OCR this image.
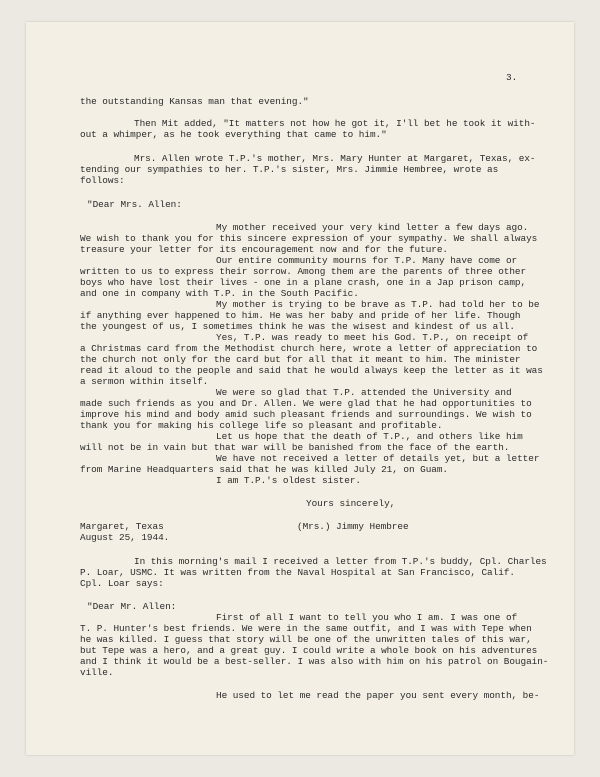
3.
the outstanding Kansas man that evening."
Then Mit added, "It matters not how he got it, I'll bet he took it with-
out a whimper, as he took everything that came to him."
Mrs. Allen wrote T.P.'s mother, Mrs. Mary Hunter at Margaret, Texas, ex-
tending our sympathies to her. T.P.'s sister, Mrs. Jimmie Hembree, wrote as
follows:
"Dear Mrs. Allen:
My mother received your very kind letter a few days ago.
We wish to thank you for this sincere expression of your sympathy. We shall always
treasure your letter for its encouragement now and for the future.
Our entire community mourns for T.P. Many have come or
written to us to express their sorrow. Among them are the parents of three other
boys who have lost their lives - one in a plane crash, one in a Jap prison camp,
and one in company with T.P. in the South Pacific.
My mother is trying to be brave as T.P. had told her to be
if anything ever happened to him. He was her baby and pride of her life. Though
the youngest of us, I sometimes think he was the wisest and kindest of us all.
Yes, T.P. was ready to meet his God. T.P., on receipt of
a Christmas card from the Methodist church here, wrote a letter of appreciation to
the church not only for the card but for all that it meant to him. The minister
read it aloud to the people and said that he would always keep the letter as it was
a sermon within itself.
We were so glad that T.P. attended the University and
made such friends as you and Dr. Allen. We were glad that he had opportunities to
improve his mind and body amid such pleasant friends and surroundings. We wish to
thank you for making his college life so pleasant and profitable.
Let us hope that the death of T.P., and others like him
will not be in vain but that war will be banished from the face of the earth.
We have not received a letter of details yet, but a letter
from Marine Headquarters said that he was killed July 21, on Guam.
I am T.P.'s oldest sister.
Yours sincerely,
Margaret, Texas	(Mrs.) Jimmy Hembree
August 25, 1944.
In this morning's mail I received a letter from T.P.'s buddy, Cpl. Charles
P. Loar, USMC. It was written from the Naval Hospital at San Francisco, Calif.
Cpl. Loar says:
"Dear Mr. Allen:
First of all I want to tell you who I am. I was one of
T. P. Hunter's best friends. We were in the same outfit, and I was with Tepe when
he was killed. I guess that story will be one of the unwritten tales of this war,
but Tepe was a hero, and a great guy. I could write a whole book on his adventures
and I think it would be a best-seller. I was also with him on his patrol on Bougain-
ville.
He used to let me read the paper you sent every month, be-
